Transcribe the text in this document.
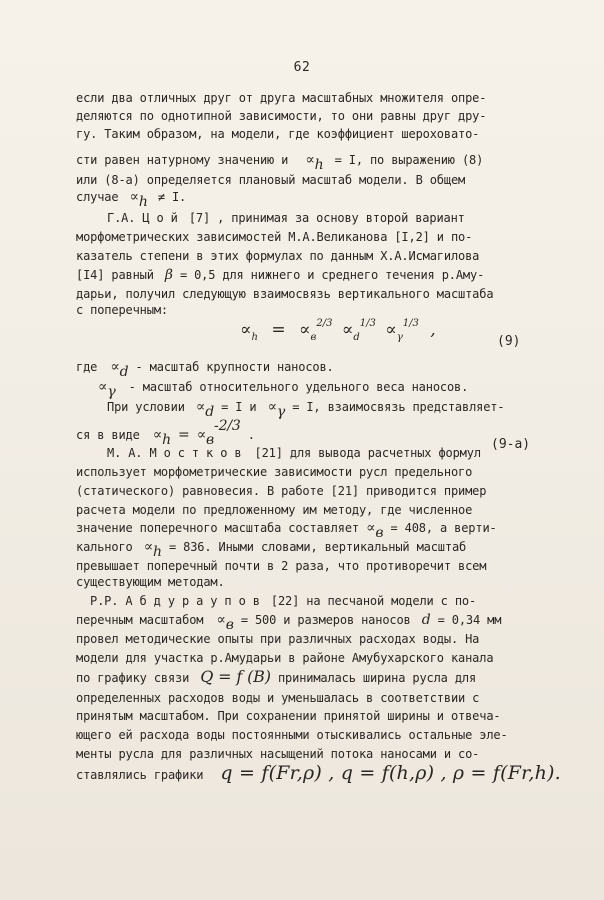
62
если два отличных друг от друга масштабных множителя опре-
деляются по однотипной зависимости, то они равны друг дру-
гу. Таким образом, на модели, где коэффициент шероховато-
сти равен натурному значению и ∝h = I, по выражению (8)
или (8-а) определяется плановый масштаб модели. В общем
случае ∝h ≠ I.
Г.А. Ц о й [7] , принимая за основу второй вариант
морфометрических зависимостей М.А.Великанова [I,2] и по-
казатель степени в этих формулах по данным Х.А.Исмагилова
[I4] равный β = 0,5 для нижнего и среднего течения р.Аму-
дарьи, получил следующую взаимосвязь вертикального масштаба
с поперечным:
$\propto_h = \propto_в^{2/3} \propto_d^{1/3} \propto_\gamma^{1/3}$ ,
(9)
где ∝d - масштаб крупности наносов.
∝γ - масштаб относительного удельного веса наносов.
При условии ∝d = I и ∝γ = I, взаимосвязь представляет-
ся в виде ∝h = ∝в-2/3 .
(9-а)
М. А. М о с т к о в [21] для вывода расчетных формул
использует морфометрические зависимости русл предельного
(статического) равновесия. В работе [21] приводится пример
расчета модели по предложенному им методу, где численное
значение поперечного масштаба составляет ∝в = 408, а верти-
кального ∝h = 836. Иными словами, вертикальный масштаб
превышает поперечный почти в 2 раза, что противоречит всем
существующим методам.
Р.Р. А б д у р а у п о в [22] на песчаной модели с по-
перечным масштабом ∝в = 500 и размеров наносов d = 0,34 мм
провел методические опыты при различных расходах воды. На
модели для участка р.Амударьи в районе Амубухарского канала
по графику связи Q = f (B) принималась ширина русла для
определенных расходов воды и уменьшалась в соответствии с
принятым масштабом. При сохранении принятой ширины и отвеча-
ющего ей расхода воды постоянными отыскивались остальные эле-
менты русла для различных насыщений потока наносами и со-
ставлялись графики q = f(Fr,ρ) , q = f(h,ρ) , ρ = f(Fr,h).
